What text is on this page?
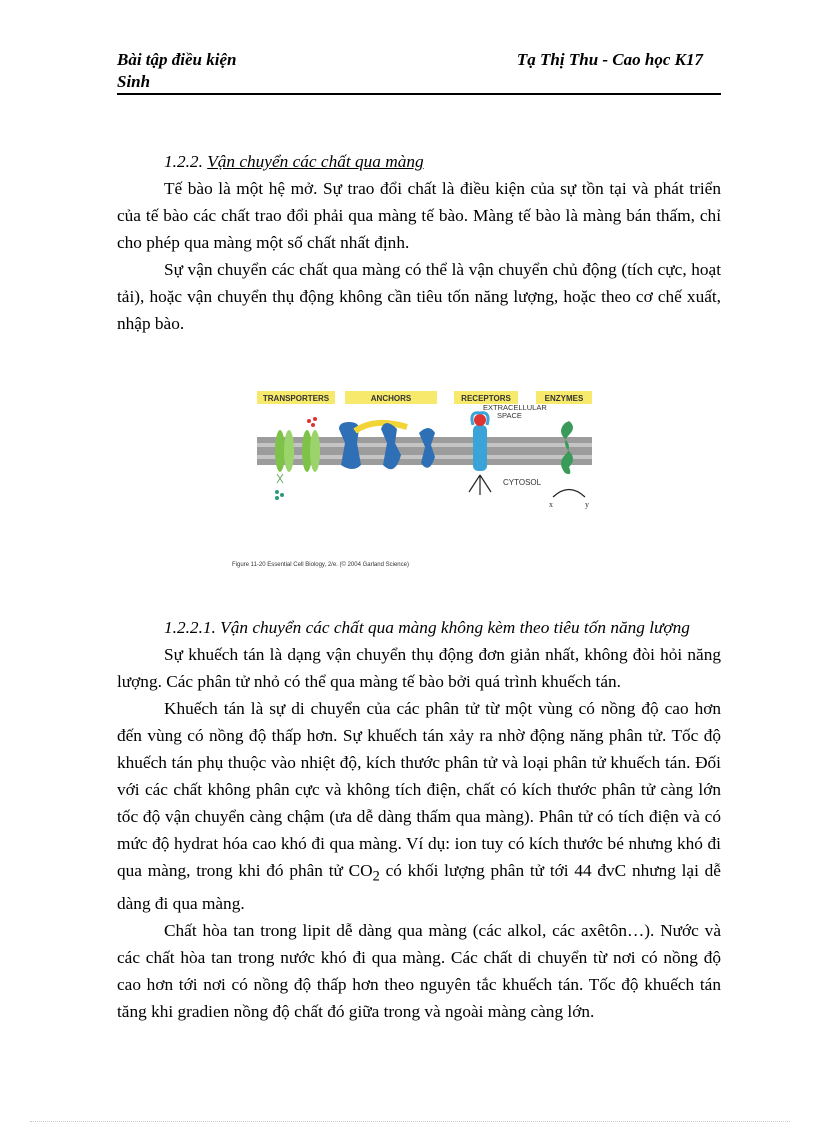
Bài tập điều kiện
Sinh
Tạ Thị Thu - Cao học K17

1.2.2. Vận chuyển các chất qua màng

Tế bào là một hệ mở. Sự trao đổi chất là điều kiện của sự tồn tại và phát triển của tế bào các chất trao đổi phải qua màng tế bào. Màng tế bào là màng bán thấm, chỉ cho phép qua màng một số chất nhất định.

Sự vận chuyển các chất qua màng có thể là vận chuyển chủ động (tích cực, hoạt tải), hoặc vận chuyển thụ động không cần tiêu tốn năng lượng, hoặc theo cơ chế xuất, nhập bào.

TRANSPORTERS	ANCHORS	RECEPTORS	ENZYMES
EXTRACELLULAR SPACE
CYTOSOL
x	y
Figure 11-20 Essential Cell Biology, 2/e. (© 2004 Garland Science)

1.2.2.1. Vận chuyển các chất qua màng không kèm theo tiêu tốn năng lượng

Sự khuếch tán là dạng vận chuyển thụ động đơn giản nhất, không đòi hỏi năng lượng. Các phân tử nhỏ có thể qua màng tế bào bởi quá trình khuếch tán.

Khuếch tán là sự di chuyển của các phân tử từ một vùng có nồng độ cao hơn đến vùng có nồng độ thấp hơn. Sự khuếch tán xảy ra nhờ động năng phân tử. Tốc độ khuếch tán phụ thuộc vào nhiệt độ, kích thước phân tử và loại phân tử khuếch tán. Đối với các chất không phân cực và không tích điện, chất có kích thước phân tử càng lớn tốc độ vận chuyển càng chậm (ưa dễ dàng thấm qua màng). Phân tử có tích điện và có mức độ hydrat hóa cao khó đi qua màng. Ví dụ: ion tuy có kích thước bé nhưng khó đi qua màng, trong khi đó phân tử $CO_2$ có khối lượng phân tử tới 44 đvC nhưng lại dễ dàng đi qua màng.

Chất hòa tan trong lipit dễ dàng qua màng (các alkol, các axêtôn…). Nước và các chất hòa tan trong nước khó đi qua màng. Các chất di chuyển từ nơi có nồng độ cao hơn tới nơi có nồng độ thấp hơn theo nguyên tắc khuếch tán. Tốc độ khuếch tán tăng khi gradien nồng độ chất đó giữa trong và ngoài màng càng lớn.
